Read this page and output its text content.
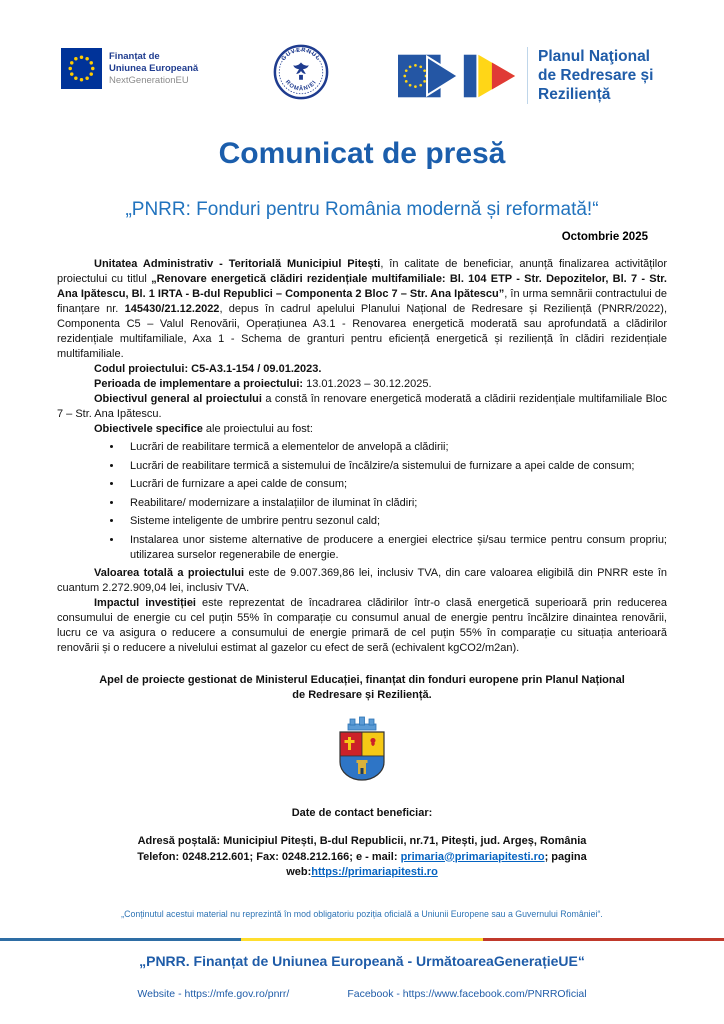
Finanțat de
Uniunea Europeană
NextGenerationEU
GUVERNUL
ROMÂNIEI
Planul Naţional
de Redresare și Reziliență
Comunicat de presă
„PNRR: Fonduri pentru România modernă și reformată!“
Octombrie 2025

Unitatea Administrativ - Teritorială Municipiul Pitești, în calitate de beneficiar, anunță finalizarea activităților proiectului cu titlul „Renovare energetică clădiri rezidențiale multifamiliale: Bl. 104 ETP - Str. Depozitelor, Bl. 7 - Str. Ana Ipătescu, Bl. 1 IRTA - B-dul Republici – Componenta 2 Bloc 7 – Str. Ana Ipătescu”, în urma semnării contractului de finanțare nr. 145430/21.12.2022, depus în cadrul apelului Planului Național de Redresare și Reziliență (PNRR/2022), Componenta C5 – Valul Renovării, Operațiunea A3.1 - Renovarea energetică moderată sau aprofundată a clădirilor rezidențiale multifamiliale, Axa 1 - Schema de granturi pentru eficiență energetică și reziliență în clădiri rezidențiale multifamiliale.

Codul proiectului: C5-A3.1-154 / 09.01.2023.

Perioada de implementare a proiectului: 13.01.2023 – 30.12.2025.

Obiectivul general al proiectului a constă în renovare energetică moderată a clădirii rezidențiale multifamiliale Bloc 7 – Str. Ana Ipătescu.

Obiectivele specifice ale proiectului au fost:

• Lucrări de reabilitare termică a elementelor de anvelopă a clădirii;
• Lucrări de reabilitare termică a sistemului de încălzire/a sistemului de furnizare a apei calde de consum;
• Lucrări de furnizare a apei calde de consum;
• Reabilitare/ modernizare a instalațiilor de iluminat în clădiri;
• Sisteme inteligente de umbrire pentru sezonul cald;
• Instalarea unor sisteme alternative de producere a energiei electrice și/sau termice pentru consum propriu; utilizarea surselor regenerabile de energie.

Valoarea totală a proiectului este de 9.007.369,86 lei, inclusiv TVA, din care valoarea eligibilă din PNRR este în cuantum 2.272.909,04 lei, inclusiv TVA.

Impactul investiției este reprezentat de încadrarea clădirilor într-o clasă energetică superioară prin reducerea consumului de energie cu cel puțin 55% în comparație cu consumul anual de energie pentru încălzire dinaintea renovării, lucru ce va asigura o reducere a consumului de energie primară de cel puțin 55% în comparație cu situația anterioară renovării și o reducere a nivelului estimat al gazelor cu efect de seră (echivalent kgCO2/m2an).

Apel de proiecte gestionat de Ministerul Educației, finanțat din fonduri europene prin Planul Național de Redresare și Reziliență.

Date de contact beneficiar:

Adresă poștală: Municipiul Pitești, B-dul Republicii, nr.71, Pitești, jud. Argeș, România
Telefon: 0248.212.601; Fax: 0248.212.166; e - mail: primaria@primariapitesti.ro; pagina web:https://primariapitesti.ro
„Conținutul acestui material nu reprezintă în mod obligatoriu poziția oficială a Uniunii Europene sau a Guvernului României“.
„PNRR. Finanțat de Uniunea Europeană - UrmătoareaGenerațieUE“
Website - https://mfe.gov.ro/pnrr/	Facebook - https://www.facebook.com/PNRROficial
